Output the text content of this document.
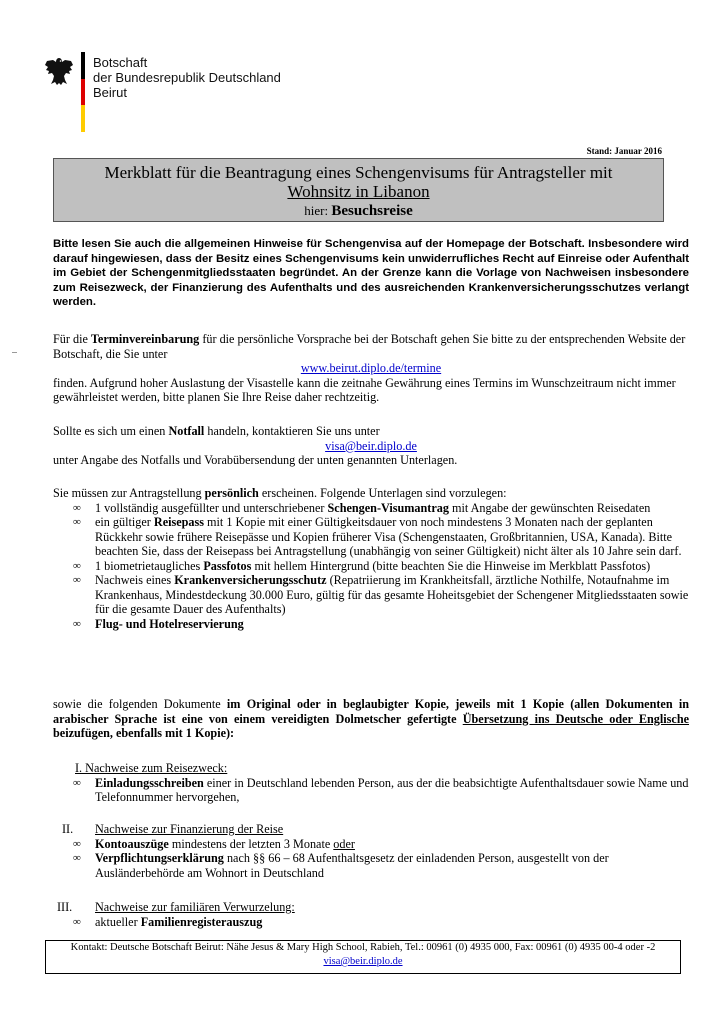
Botschaft
der Bundesrepublik Deutschland
Beirut
Stand: Januar 2016
Merkblatt für die Beantragung eines Schengenvisums für Antragsteller mit
Wohnsitz in Libanon
hier: Besuchsreise
Bitte lesen Sie auch die allgemeinen Hinweise für Schengenvisa auf der Homepage der Botschaft. Insbesondere wird darauf hingewiesen, dass der Besitz eines Schengenvisums kein unwiderrufliches Recht auf Einreise oder Aufenthalt im Gebiet der Schengenmitgliedsstaaten begründet. An der Grenze kann die Vorlage von Nachweisen insbesondere zum Reisezweck, der Finanzierung des Aufenthalts und des ausreichenden Krankenversicherungsschutzes verlangt werden.
Für die Terminvereinbarung für die persönliche Vorsprache bei der Botschaft gehen Sie bitte zu der entsprechenden Website der Botschaft, die Sie unter
www.beirut.diplo.de/termine
finden. Aufgrund hoher Auslastung der Visastelle kann die zeitnahe Gewährung eines Termins im Wunschzeitraum nicht immer gewährleistet werden, bitte planen Sie Ihre Reise daher rechtzeitig.
Sollte es sich um einen Notfall handeln, kontaktieren Sie uns unter
visa@beir.diplo.de
unter Angabe des Notfalls und Vorabübersendung der unten genannten Unterlagen.
Sie müssen zur Antragstellung persönlich erscheinen. Folgende Unterlagen sind vorzulegen:
∞ 1 vollständig ausgefüllter und unterschriebener Schengen-Visumantrag mit Angabe der gewünschten Reisedaten
∞ ein gültiger Reisepass mit 1 Kopie mit einer Gültigkeitsdauer von noch mindestens 3 Monaten nach der geplanten Rückkehr sowie frühere Reisepässe und Kopien früherer Visa (Schengenstaaten, Großbritannien, USA, Kanada). Bitte beachten Sie, dass der Reisepass bei Antragstellung (unabhängig von seiner Gültigkeit) nicht älter als 10 Jahre sein darf.
∞ 1 biometrietaugliches Passfotos mit hellem Hintergrund (bitte beachten Sie die Hinweise im Merkblatt Passfotos)
∞ Nachweis eines Krankenversicherungsschutz (Repatriierung im Krankheitsfall, ärztliche Nothilfe, Notaufnahme im Krankenhaus, Mindestdeckung 30.000 Euro, gültig für das gesamte Hoheitsgebiet der Schengener Mitgliedsstaaten sowie für die gesamte Dauer des Aufenthalts)
∞ Flug- und Hotelreservierung
sowie die folgenden Dokumente im Original oder in beglaubigter Kopie, jeweils mit 1 Kopie (allen Dokumenten in arabischer Sprache ist eine von einem vereidigten Dolmetscher gefertigte Übersetzung ins Deutsche oder Englische beizufügen, ebenfalls mit 1 Kopie):
I. Nachweise zum Reisezweck:
∞ Einladungsschreiben einer in Deutschland lebenden Person, aus der die beabsichtigte Aufenthaltsdauer sowie Name und Telefonnummer hervorgehen,
II. Nachweise zur Finanzierung der Reise
∞ Kontoauszüge mindestens der letzten 3 Monate oder
∞ Verpflichtungserklärung nach §§ 66 – 68 Aufenthaltsgesetz der einladenden Person, ausgestellt von der Ausländerbehörde am Wohnort in Deutschland
III. Nachweise zur familiären Verwurzelung:
∞ aktueller Familienregisterauszug
Kontakt: Deutsche Botschaft Beirut: Nähe Jesus & Mary High School, Rabieh, Tel.: 00961 (0) 4935 000, Fax: 00961 (0) 4935 00-4 oder -2
visa@beir.diplo.de
